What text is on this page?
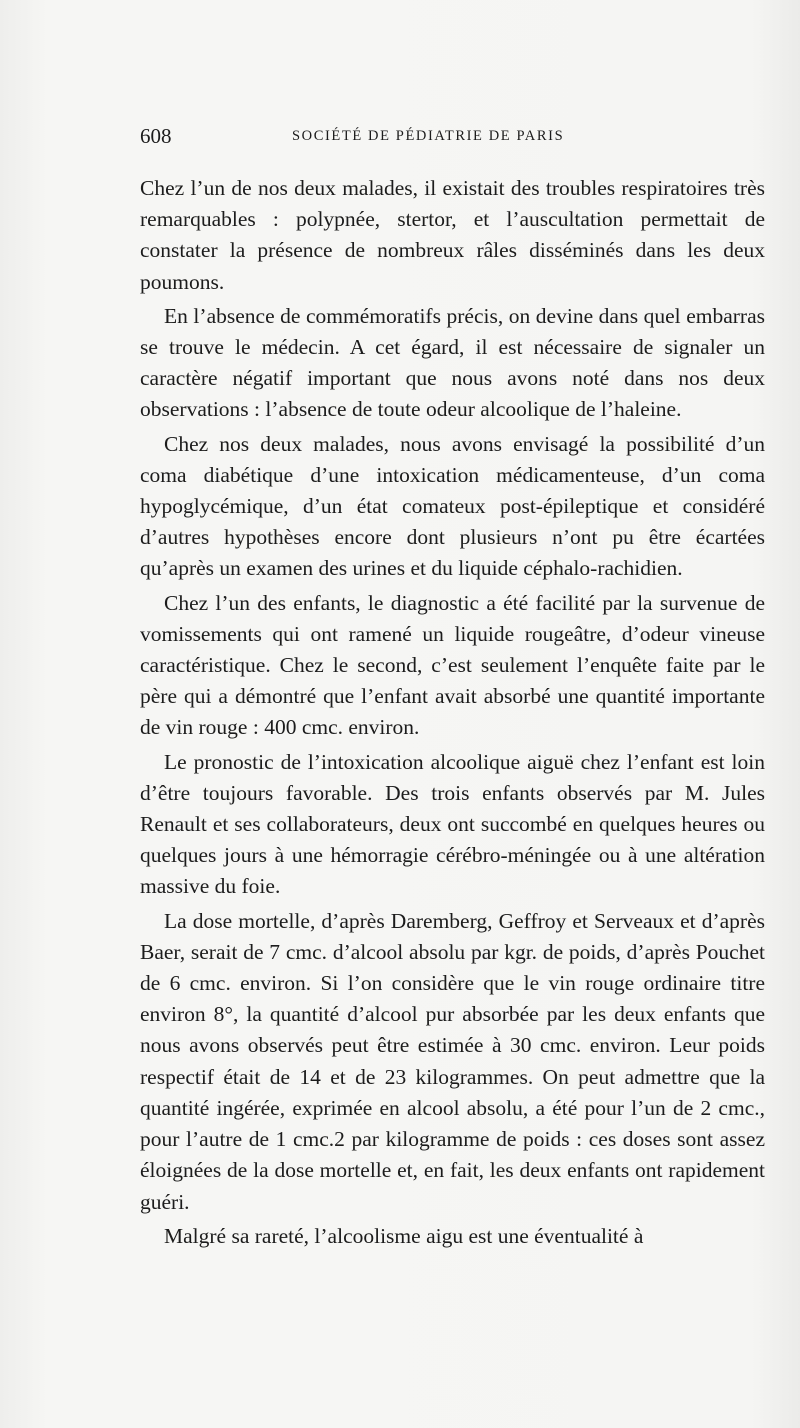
608	SOCIÉTÉ DE PÉDIATRIE DE PARIS

Chez l’un de nos deux malades, il existait des troubles respiratoires très remarquables : polypnée, stertor, et l’auscultation permettait de constater la présence de nombreux râles disséminés dans les deux poumons.

En l’absence de commémoratifs précis, on devine dans quel embarras se trouve le médecin. A cet égard, il est nécessaire de signaler un caractère négatif important que nous avons noté dans nos deux observations : l’absence de toute odeur alcoolique de l’haleine.

Chez nos deux malades, nous avons envisagé la possibilité d’un coma diabétique d’une intoxication médicamenteuse, d’un coma hypoglycémique, d’un état comateux post-épileptique et considéré d’autres hypothèses encore dont plusieurs n’ont pu être écartées qu’après un examen des urines et du liquide céphalo-rachidien.

Chez l’un des enfants, le diagnostic a été facilité par la survenue de vomissements qui ont ramené un liquide rougeâtre, d’odeur vineuse caractéristique. Chez le second, c’est seulement l’enquête faite par le père qui a démontré que l’enfant avait absorbé une quantité importante de vin rouge : 400 cmc. environ.

Le pronostic de l’intoxication alcoolique aiguë chez l’enfant est loin d’être toujours favorable. Des trois enfants observés par M. Jules Renault et ses collaborateurs, deux ont succombé en quelques heures ou quelques jours à une hémorragie cérébro-méningée ou à une altération massive du foie.

La dose mortelle, d’après Daremberg, Geffroy et Serveaux et d’après Baer, serait de 7 cmc. d’alcool absolu par kgr. de poids, d’après Pouchet de 6 cmc. environ. Si l’on considère que le vin rouge ordinaire titre environ 8°, la quantité d’alcool pur absorbée par les deux enfants que nous avons observés peut être estimée à 30 cmc. environ. Leur poids respectif était de 14 et de 23 kilogrammes. On peut admettre que la quantité ingérée, exprimée en alcool absolu, a été pour l’un de 2 cmc., pour l’autre de 1 cmc.2 par kilogramme de poids : ces doses sont assez éloignées de la dose mortelle et, en fait, les deux enfants ont rapidement guéri.

Malgré sa rareté, l’alcoolisme aigu est une éventualité à
